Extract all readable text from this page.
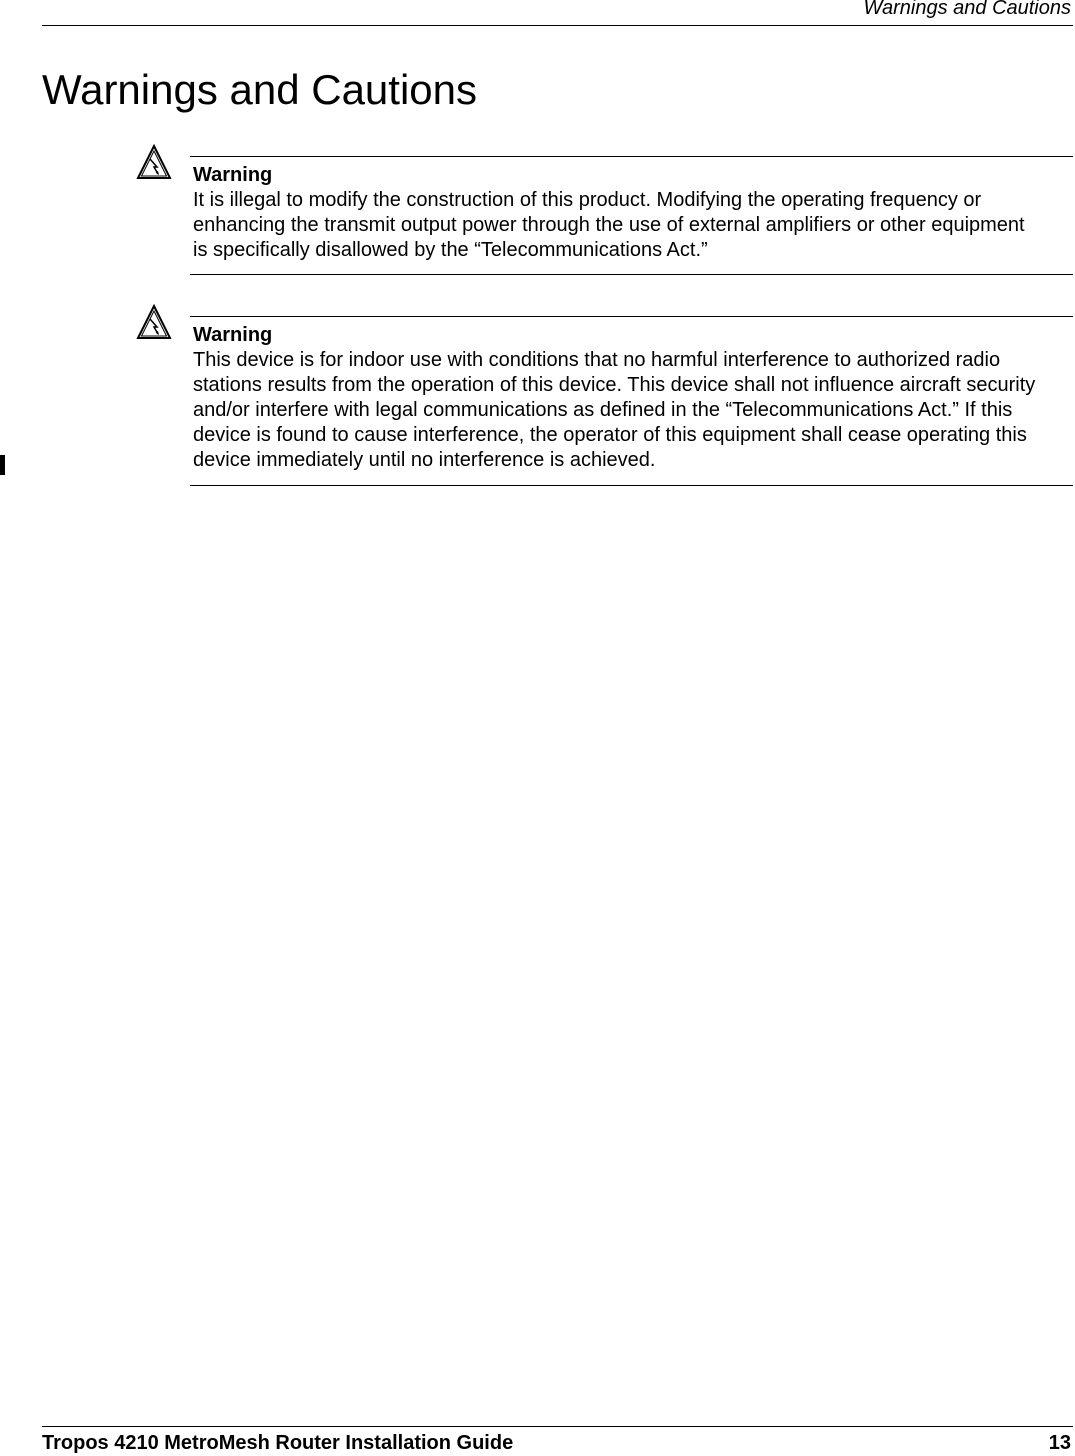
Warnings and Cautions
Warnings and Cautions

Warning

It is illegal to modify the construction of this product. Modifying the operating frequency or enhancing the transmit output power through the use of external amplifiers or other equipment is specifically disallowed by the “Telecommunications Act.”

Warning

This device is for indoor use with conditions that no harmful interference to authorized radio stations results from the operation of this device. This device shall not influence aircraft security and/or interfere with legal communications as defined in the “Telecommunications Act.” If this device is found to cause interference, the operator of this equipment shall cease operating this device immediately until no interference is achieved.

Tropos 4210 MetroMesh Router Installation Guide	13
